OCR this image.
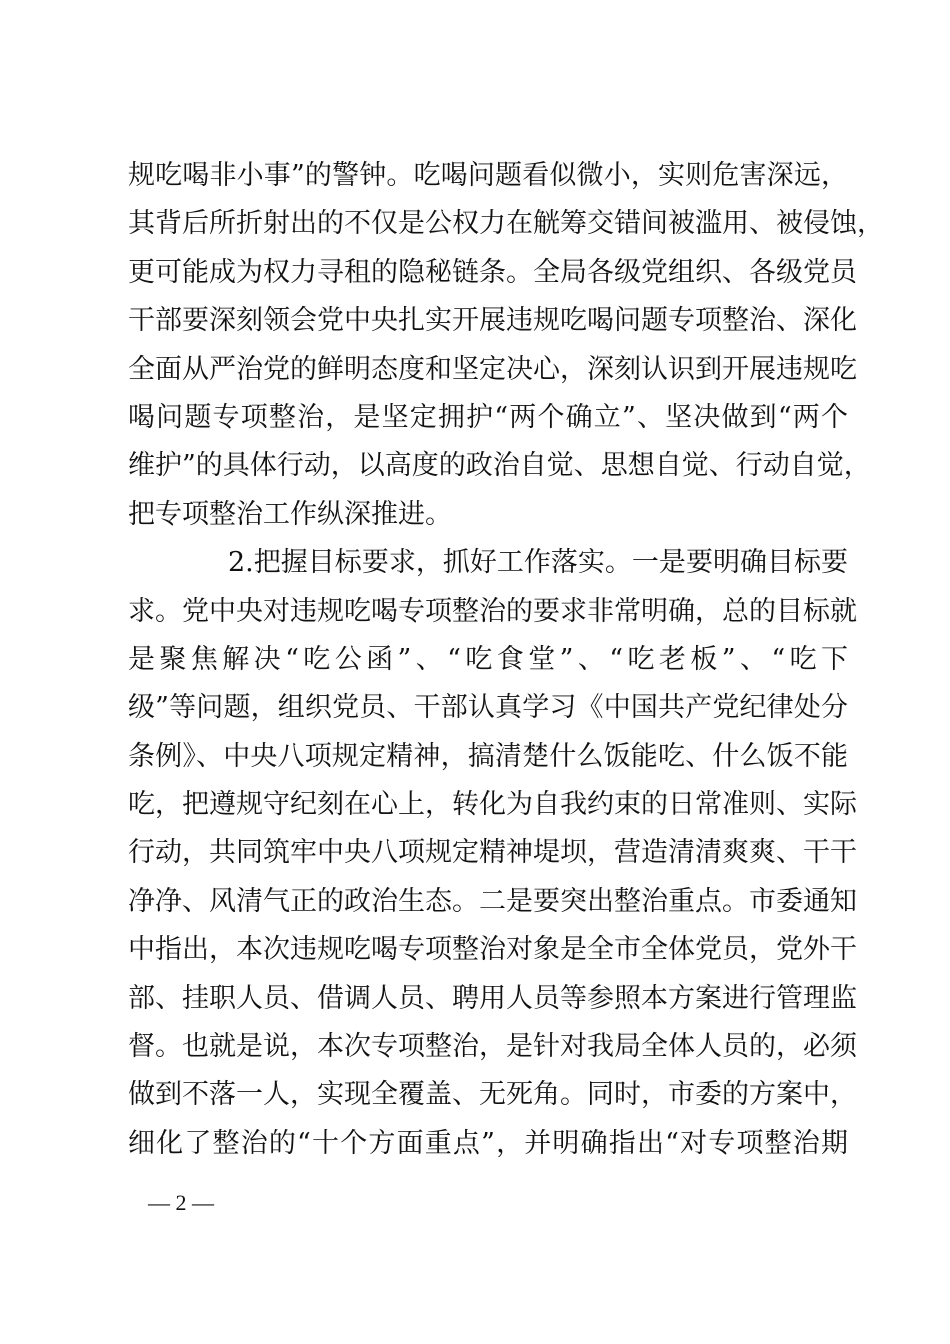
规吃喝非小事”的警钟。吃喝问题看似微小，实则危害深远，
其背后所折射出的不仅是公权力在觥筹交错间被滥用、被侵蚀，
更可能成为权力寻租的隐秘链条。全局各级党组织、各级党员
干部要深刻领会党中央扎实开展违规吃喝问题专项整治、深化
全面从严治党的鲜明态度和坚定决心，深刻认识到开展违规吃
喝问题专项整治，是坚定拥护“两个确立”、坚决做到“两个
维护”的具体行动，以高度的政治自觉、思想自觉、行动自觉，
把专项整治工作纵深推进。
2.把握目标要求，抓好工作落实。一是要明确目标要
求。党中央对违规吃喝专项整治的要求非常明确，总的目标就
是聚焦解决“吃公函”、“吃食堂”、“吃老板”、“吃下
级”等问题，组织党员、干部认真学习《中国共产党纪律处分
条例》、中央八项规定精神，搞清楚什么饭能吃、什么饭不能
吃，把遵规守纪刻在心上，转化为自我约束的日常准则、实际
行动，共同筑牢中央八项规定精神堤坝，营造清清爽爽、干干
净净、风清气正的政治生态。二是要突出整治重点。市委通知
中指出，本次违规吃喝专项整治对象是全市全体党员，党外干
部、挂职人员、借调人员、聘用人员等参照本方案进行管理监
督。也就是说，本次专项整治，是针对我局全体人员的，必须
做到不落一人，实现全覆盖、无死角。同时，市委的方案中，
细化了整治的“十个方面重点”，并明确指出“对专项整治期
— 2 —
